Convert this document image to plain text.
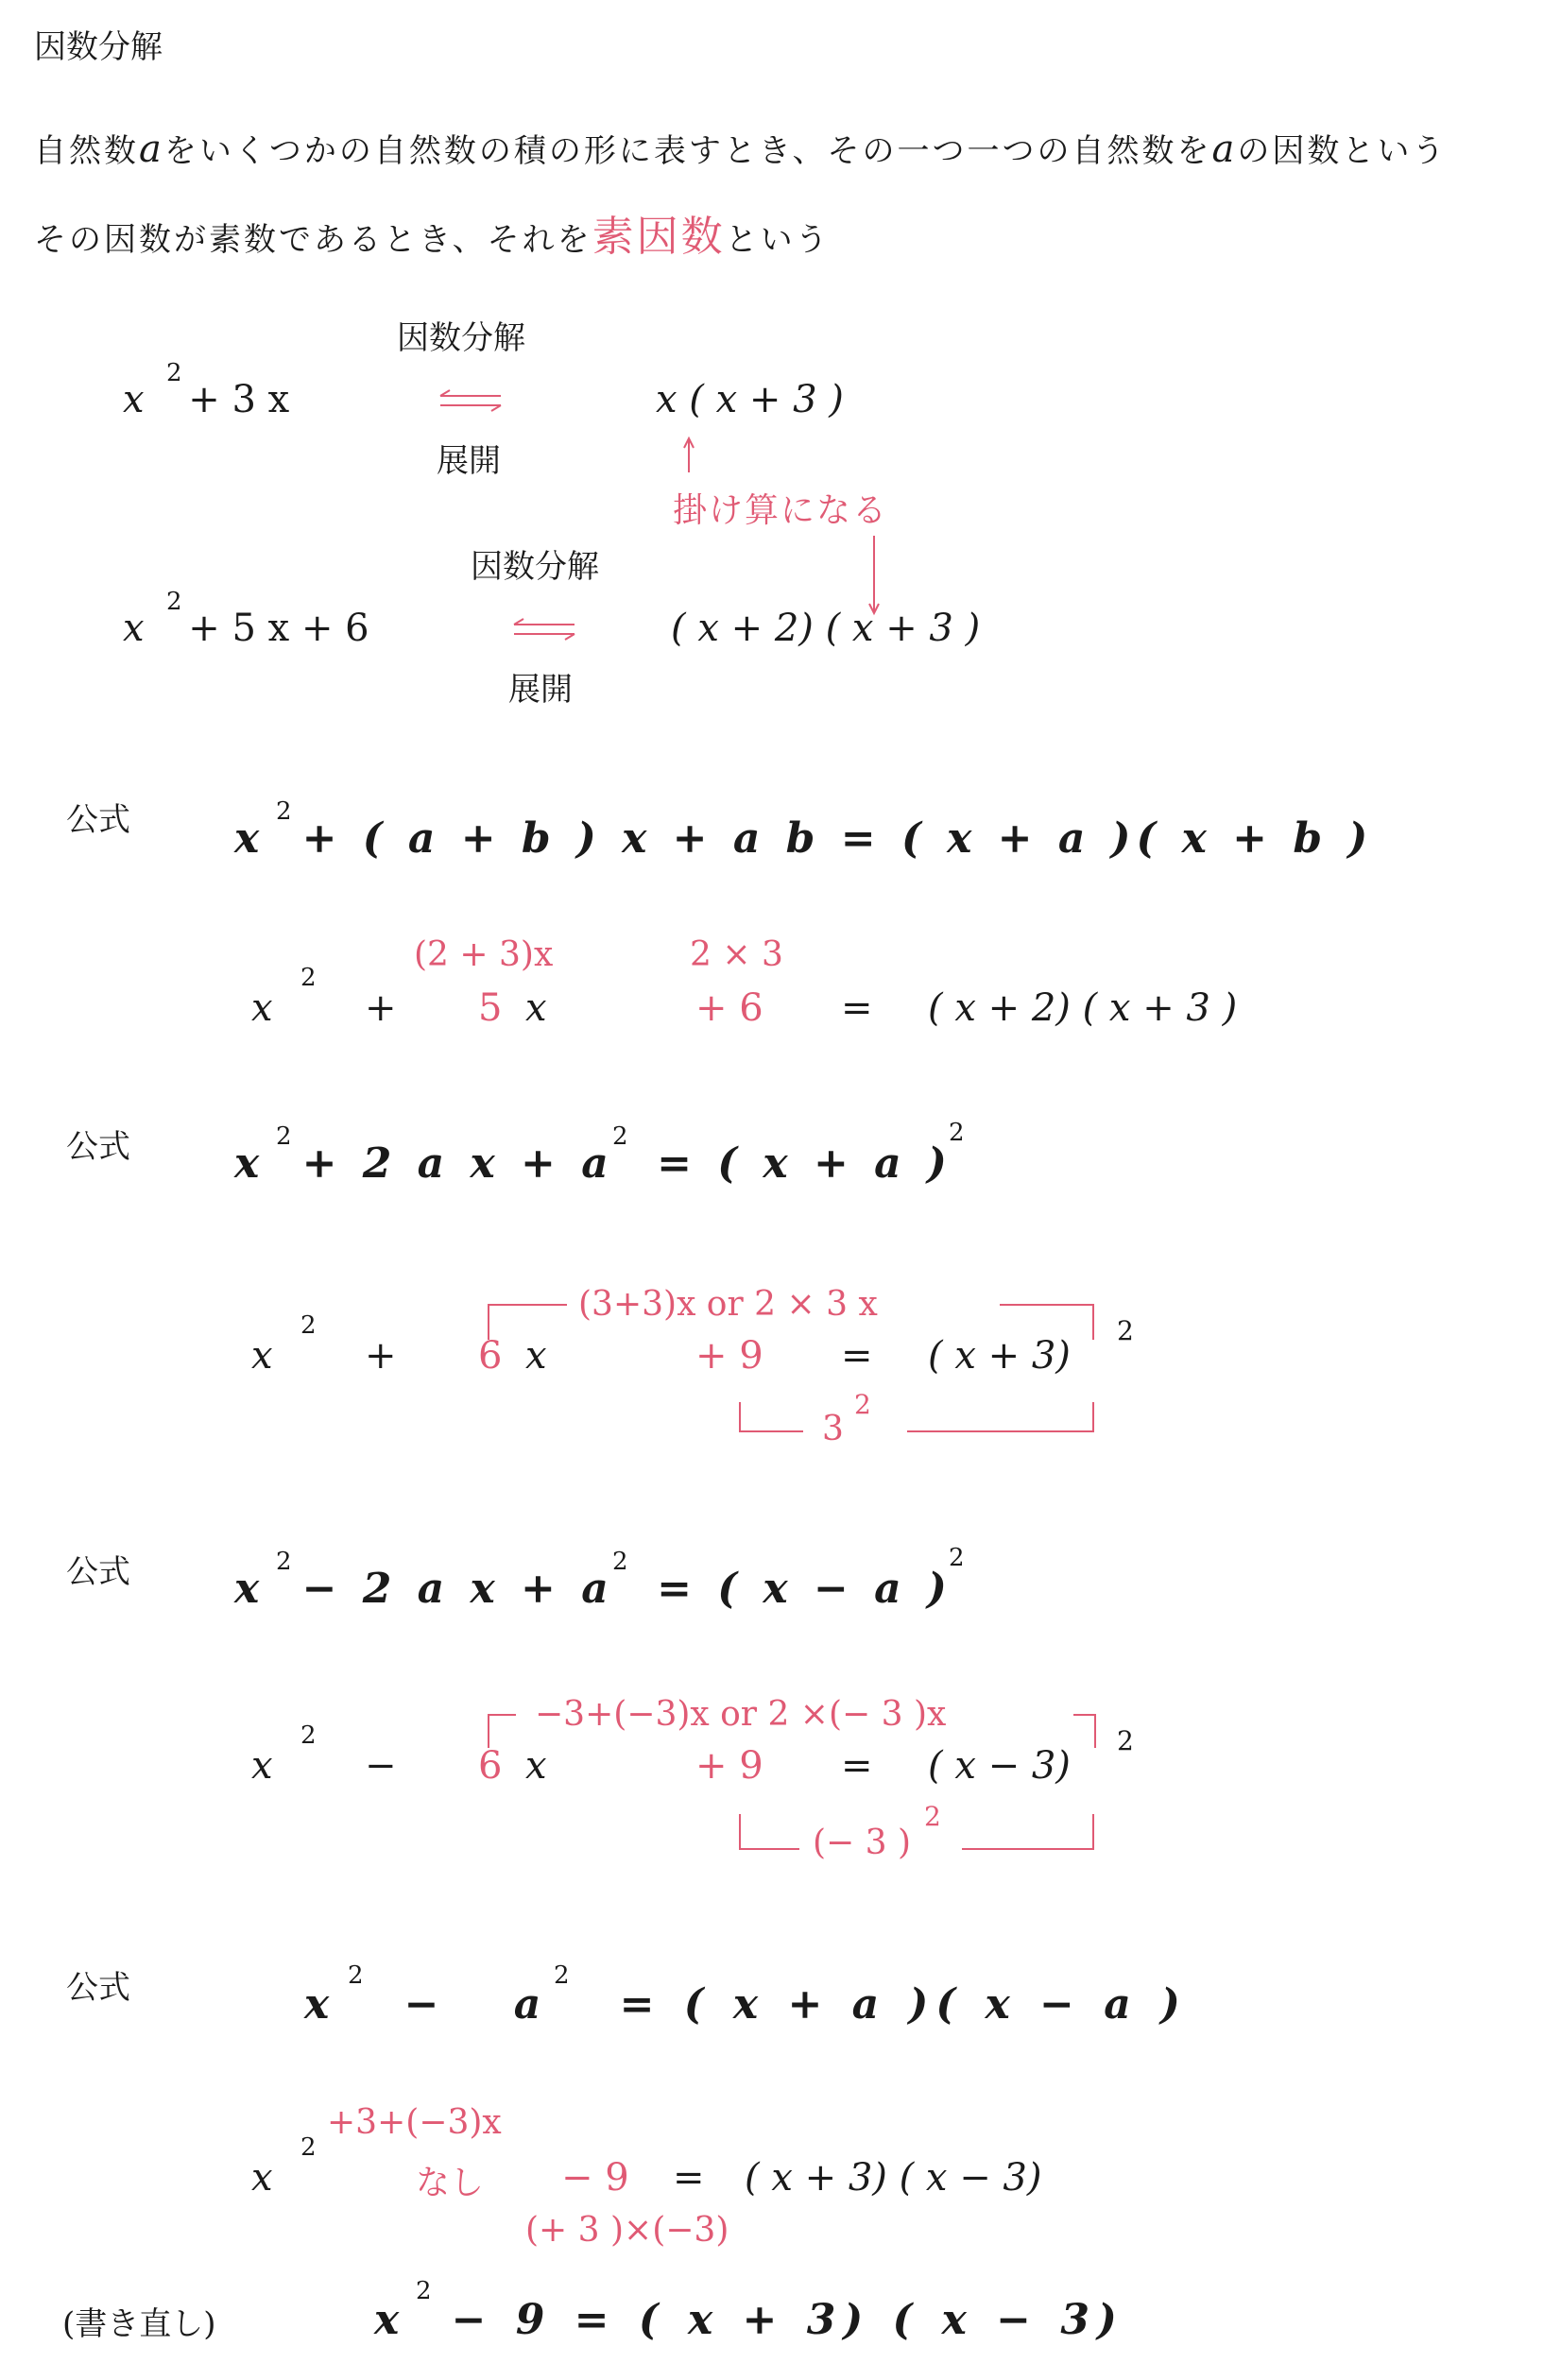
因数分解
自然数aをいくつかの自然数の積の形に表すとき、その一つ一つの自然数をaの因数という
その因数が素数であるとき、それを素因数という
因数分解
x
2
+ 3 x
展開
x ( x + 3 )
掛け算になる
因数分解
x
2
+ 5 x + 6
展開
( x + 2) ( x + 3 )
公式	x
2
+ ( a + b ) x + a b = ( x + a )( x + b )
(2 + 3)x	2 × 3
x
2
+ 5 x	+ 6 = ( x + 2) ( x + 3 )
公式	x
2
+ 2 a x + a
2
= ( x + a )
2
(3+3)x or 2 × 3 x
x
2
+ 6 x	+ 9 = ( x + 3)
2
3
2
公式	x
2
− 2 a x + a
2
= ( x − a )
2
−3+(−3)x or 2 ×(− 3 )x
x
2
− 6 x	+ 9 = ( x − 3)
2
(− 3 )
2
公式	x
2
− a
2
= ( x + a )( x − a )
+3+(−3)x
x
2
なし − 9 = ( x + 3) ( x − 3)
(+ 3 )×(−3)
(書き直し)	x
2
− 9 = ( x + 3) ( x − 3)
